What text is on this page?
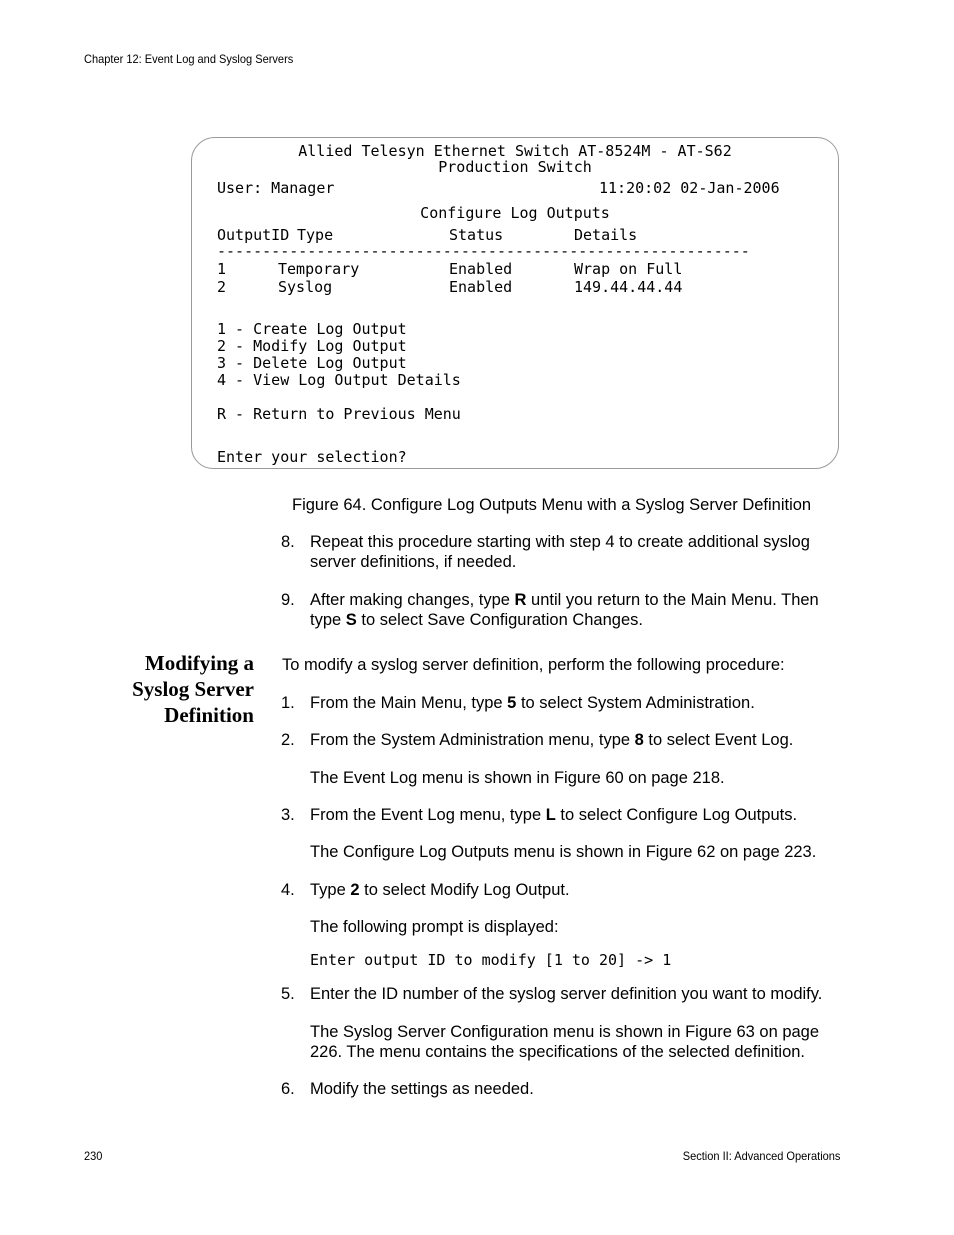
Chapter 12: Event Log and Syslog Servers
Allied Telesyn Ethernet Switch AT-8524M - AT-S62
Production Switch
User: Manager	11:20:02 02-Jan-2006
Configure Log Outputs
OutputID Type	Status	Details
-----------------------------------------------------------
1	Temporary	Enabled	Wrap on Full
2	Syslog	Enabled	149.44.44.44
1 - Create Log Output
2 - Modify Log Output
3 - Delete Log Output
4 - View Log Output Details
R - Return to Previous Menu
Enter your selection?
Figure 64. Configure Log Outputs Menu with a Syslog Server Definition
8. Repeat this procedure starting with step 4 to create additional syslog
server definitions, if needed.
9. After making changes, type R until you return to the Main Menu. Then
type S to select Save Configuration Changes.
Modifying a
Syslog Server
Definition
To modify a syslog server definition, perform the following procedure:
1. From the Main Menu, type 5 to select System Administration.
2. From the System Administration menu, type 8 to select Event Log.
The Event Log menu is shown in Figure 60 on page 218.
3. From the Event Log menu, type L to select Configure Log Outputs.
The Configure Log Outputs menu is shown in Figure 62 on page 223.
4. Type 2 to select Modify Log Output.
The following prompt is displayed:
Enter output ID to modify [1 to 20] -> 1
5. Enter the ID number of the syslog server definition you want to modify.
The Syslog Server Configuration menu is shown in Figure 63 on page
226. The menu contains the specifications of the selected definition.
6. Modify the settings as needed.
230	Section II: Advanced Operations
